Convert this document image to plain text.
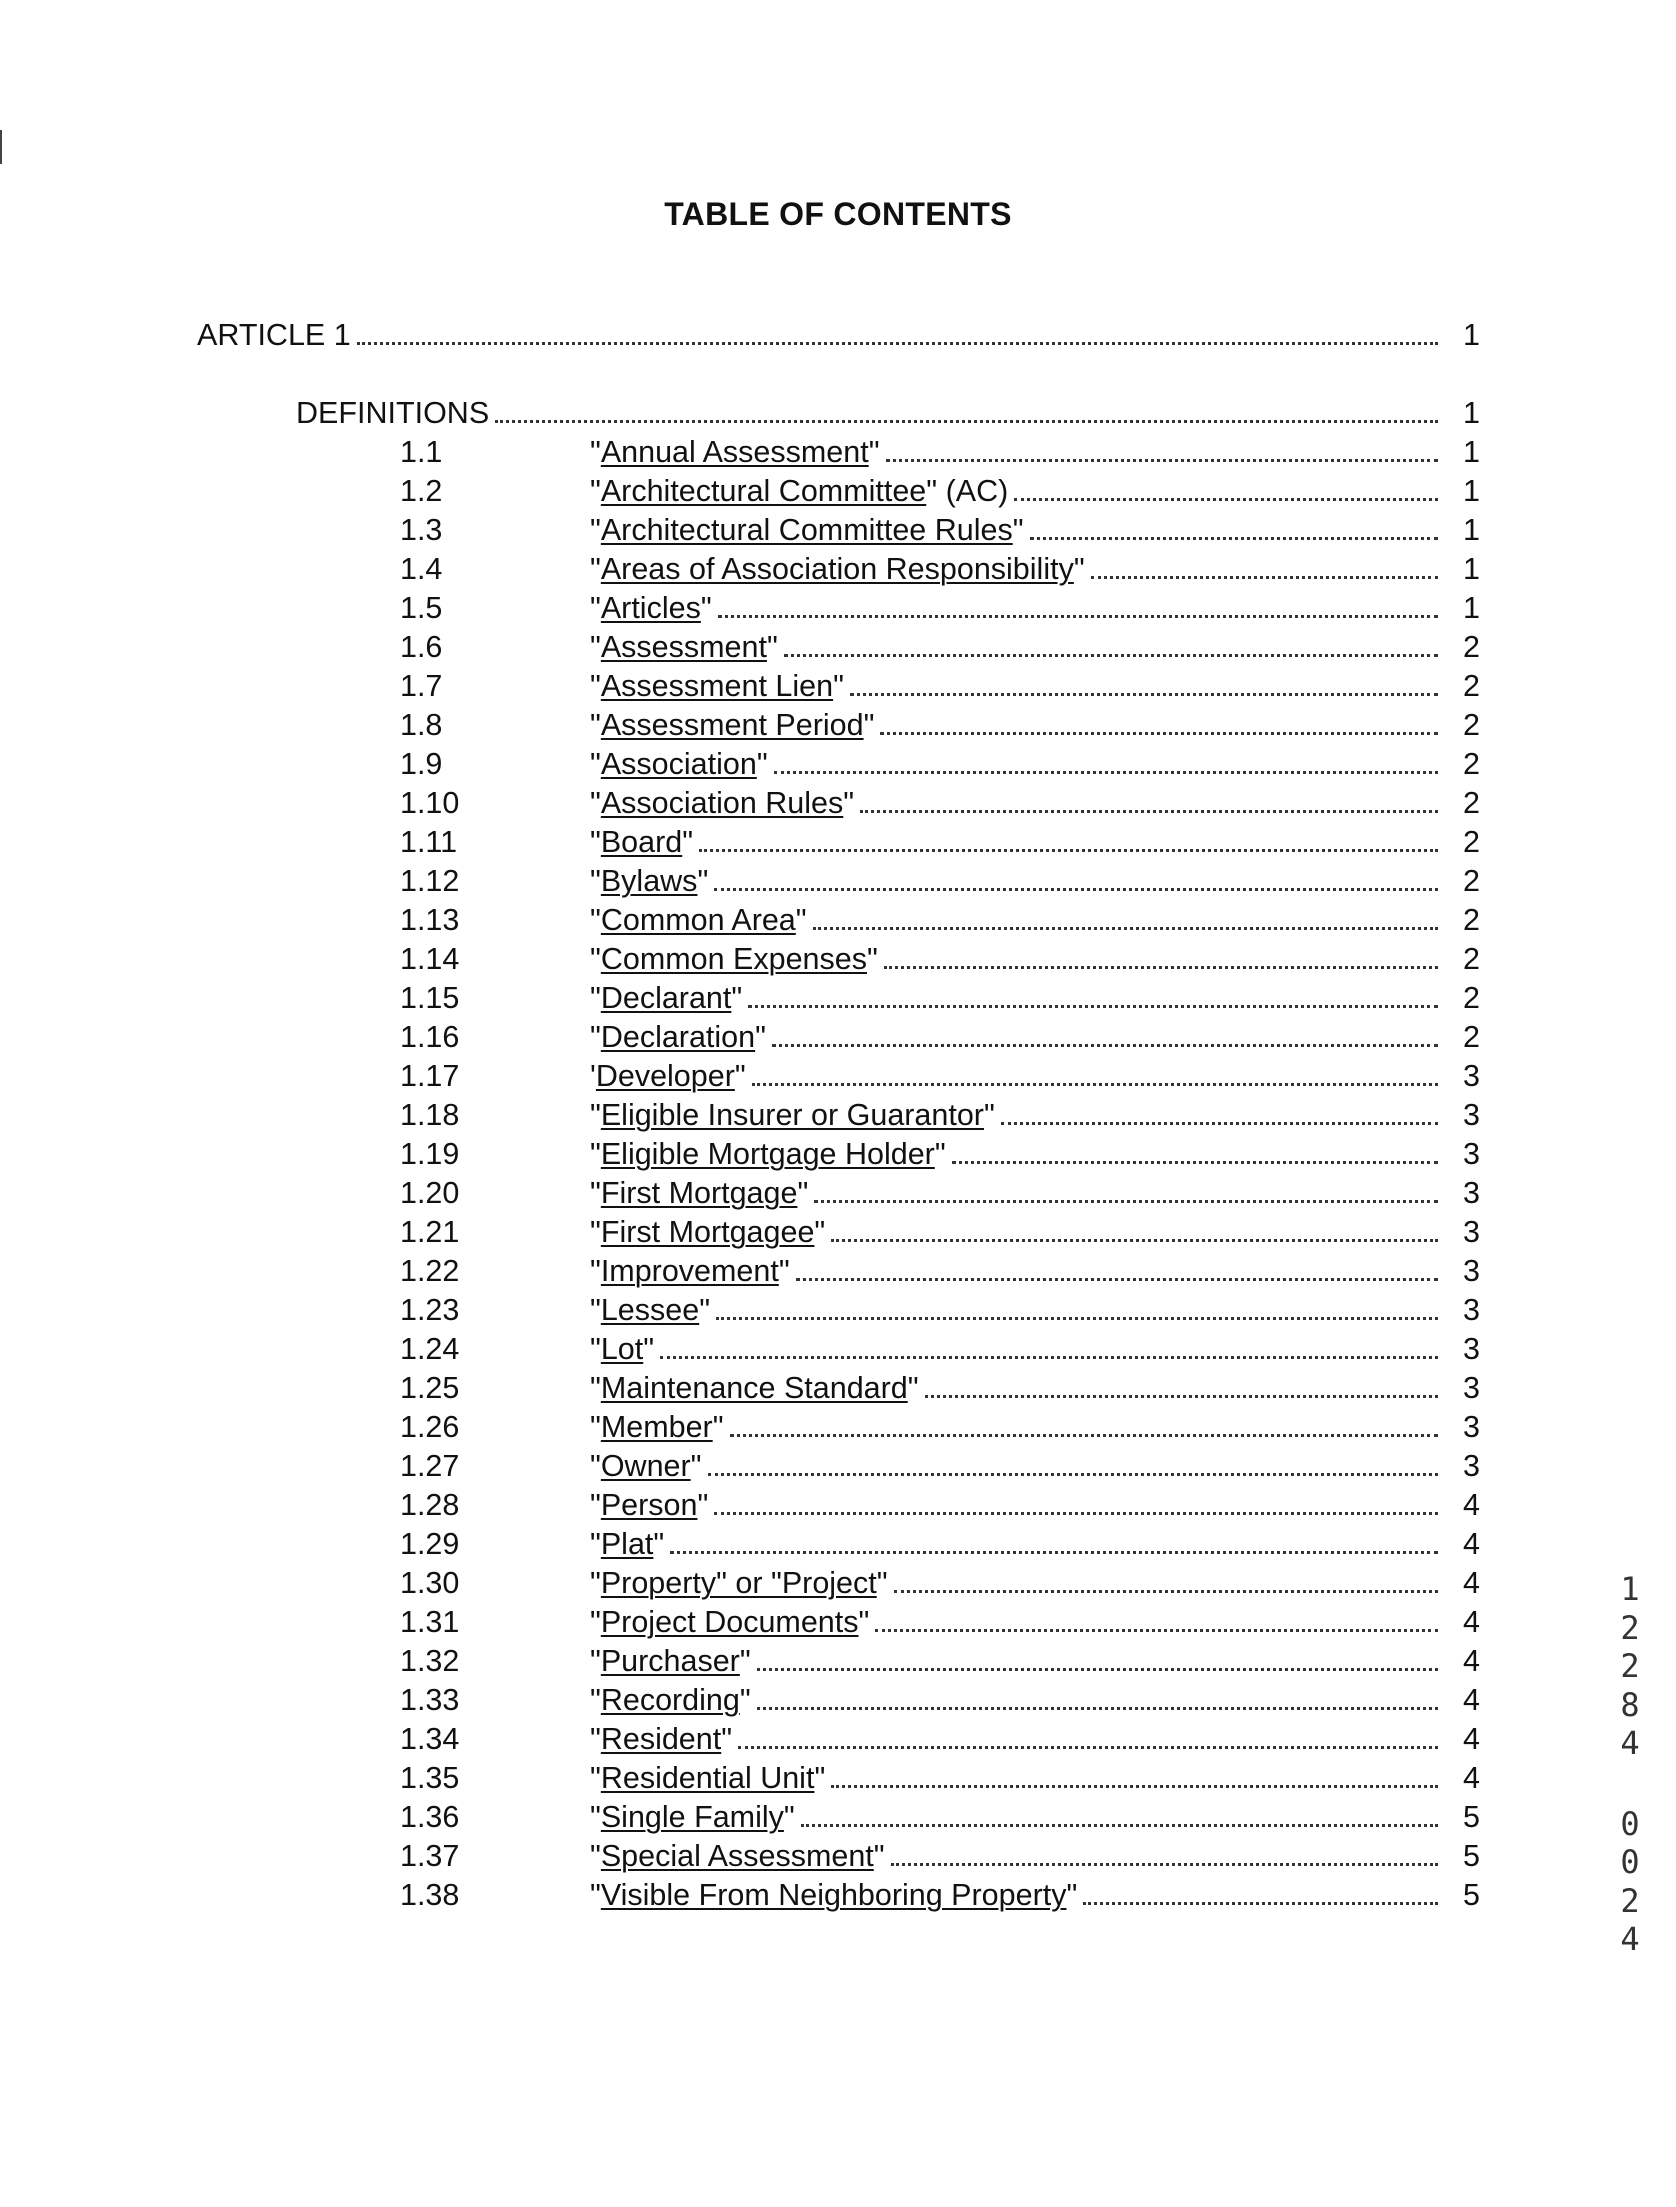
TABLE OF CONTENTS
ARTICLE 1	1
DEFINITIONS	1
1.1	"Annual Assessment"	1
1.2	"Architectural Committee" (AC)	1
1.3	"Architectural Committee Rules"	1
1.4	"Areas of Association Responsibility"	1
1.5	"Articles"	1
1.6	"Assessment"	2
1.7	"Assessment Lien"	2
1.8	"Assessment Period"	2
1.9	"Association"	2
1.10	"Association Rules"	2
1.11	"Board"	2
1.12	"Bylaws"	2
1.13	"Common Area"	2
1.14	"Common Expenses"	2
1.15	"Declarant"	2
1.16	"Declaration"	2
1.17	'Developer"	3
1.18	"Eligible Insurer or Guarantor"	3
1.19	"Eligible Mortgage Holder"	3
1.20	"First Mortgage"	3
1.21	"First Mortgagee"	3
1.22	"Improvement"	3
1.23	"Lessee"	3
1.24	"Lot"	3
1.25	"Maintenance Standard"	3
1.26	"Member"	3
1.27	"Owner"	3
1.28	"Person"	4
1.29	"Plat"	4
1.30	"Property" or "Project"	4
1.31	"Project Documents"	4
1.32	"Purchaser"	4
1.33	"Recording"	4
1.34	"Resident"	4
1.35	"Residential Unit"	4
1.36	"Single Family"	5
1.37	"Special Assessment"	5
1.38	"Visible From Neighboring Property"	5
1
2
2
8
4
0
0
2
4
